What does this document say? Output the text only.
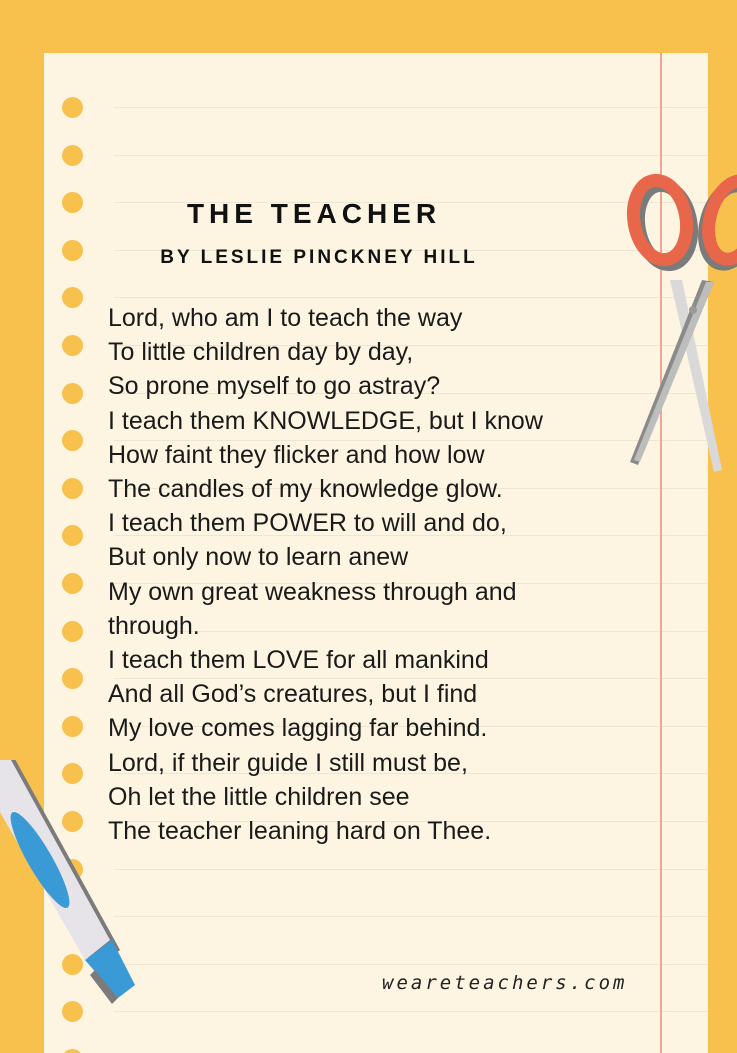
THE TEACHER
BY LESLIE PINCKNEY HILL
Lord, who am I to teach the way
To little children day by day,
So prone myself to go astray?
I teach them KNOWLEDGE, but I know
How faint they flicker and how low
The candles of my knowledge glow.
I teach them POWER to will and do,
But only now to learn anew
My own great weakness through and
through.
I teach them LOVE for all mankind
And all God’s creatures, but I find
My love comes lagging far behind.
Lord, if their guide I still must be,
Oh let the little children see
The teacher leaning hard on Thee.
weareteachers.com
